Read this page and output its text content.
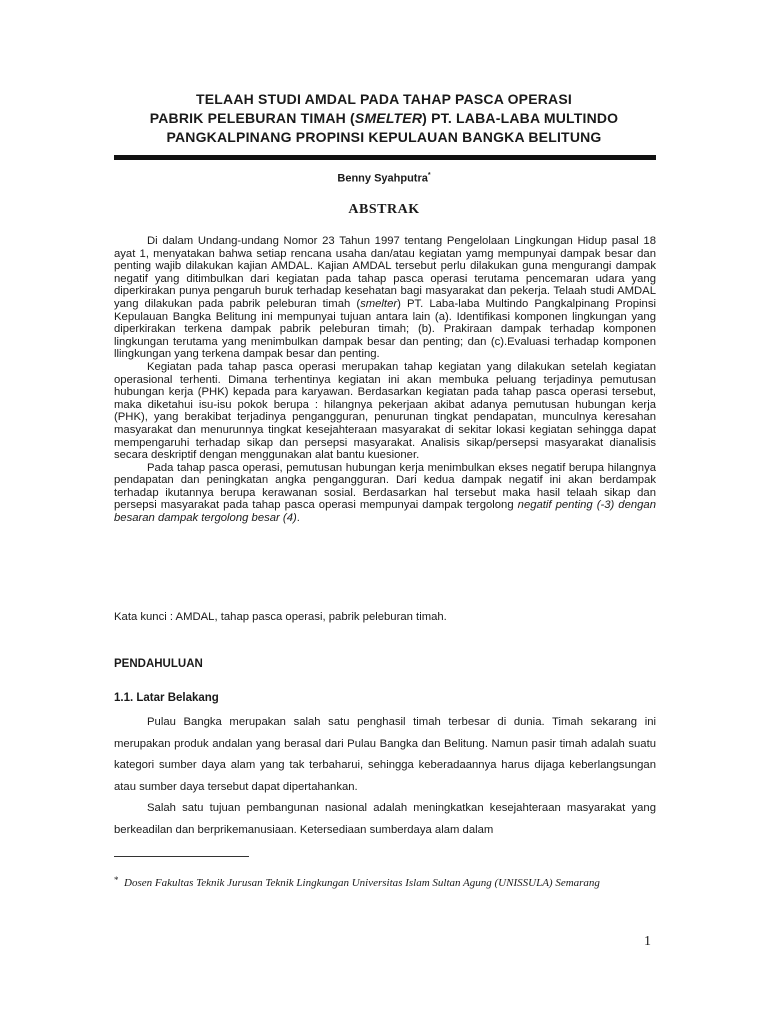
TELAAH STUDI AMDAL PADA TAHAP PASCA OPERASI
PABRIK PELEBURAN TIMAH (SMELTER) PT. LABA-LABA MULTINDO
PANGKALPINANG PROPINSI KEPULAUAN BANGKA BELITUNG
Benny Syahputra*
ABSTRAK

Di dalam Undang-undang Nomor 23 Tahun 1997 tentang Pengelolaan Lingkungan Hidup pasal 18 ayat 1, menyatakan bahwa setiap rencana usaha dan/atau kegiatan yamg mempunyai dampak besar dan penting wajib dilakukan kajian AMDAL. Kajian AMDAL tersebut perlu dilakukan guna mengurangi dampak negatif yang ditimbulkan dari kegiatan pada tahap pasca operasi terutama pencemaran udara yang diperkirakan punya pengaruh buruk terhadap kesehatan bagi masyarakat dan pekerja. Telaah studi AMDAL yang dilakukan pada pabrik peleburan timah (smelter) PT. Laba-laba Multindo Pangkalpinang Propinsi Kepulauan Bangka Belitung ini mempunyai tujuan antara lain (a). Identifikasi komponen lingkungan yang diperkirakan terkena dampak pabrik peleburan timah; (b). Prakiraan dampak terhadap komponen lingkungan terutama yang menimbulkan dampak besar dan penting; dan (c).Evaluasi terhadap komponen llingkungan yang terkena dampak besar dan penting.

Kegiatan pada tahap pasca operasi merupakan tahap kegiatan yang dilakukan setelah kegiatan operasional terhenti. Dimana terhentinya kegiatan ini akan membuka peluang terjadinya pemutusan hubungan kerja (PHK) kepada para karyawan. Berdasarkan kegiatan pada tahap pasca operasi tersebut, maka diketahui isu-isu pokok berupa : hilangnya pekerjaan akibat adanya pemutusan hubungan kerja (PHK), yang berakibat terjadinya pengangguran, penurunan tingkat pendapatan, munculnya keresahan masyarakat dan menurunnya tingkat kesejahteraan masyarakat di sekitar lokasi kegiatan sehingga dapat mempengaruhi terhadap sikap dan persepsi masyarakat. Analisis sikap/persepsi masyarakat dianalisis secara deskriptif dengan menggunakan alat bantu kuesioner.

Pada tahap pasca operasi, pemutusan hubungan kerja menimbulkan ekses negatif berupa hilangnya pendapatan dan peningkatan angka pengangguran. Dari kedua dampak negatif ini akan berdampak terhadap ikutannya berupa kerawanan sosial. Berdasarkan hal tersebut maka hasil telaah sikap dan persepsi masyarakat pada tahap pasca operasi mempunyai dampak tergolong negatif penting (-3) dengan besaran dampak tergolong besar (4).

Kata kunci : AMDAL, tahap pasca operasi, pabrik peleburan timah.
PENDAHULUAN
1.1. Latar Belakang

Pulau Bangka merupakan salah satu penghasil timah terbesar di dunia. Timah sekarang ini merupakan produk andalan yang berasal dari Pulau Bangka dan Belitung. Namun pasir timah adalah suatu kategori sumber daya alam yang tak terbaharui, sehingga keberadaannya harus dijaga keberlangsungan atau sumber daya tersebut dapat dipertahankan.

Salah satu tujuan pembangunan nasional adalah meningkatkan kesejahteraan masyarakat yang berkeadilan dan berprikemanusiaan. Ketersediaan sumberdaya alam dalam

* Dosen Fakultas Teknik Jurusan Teknik Lingkungan Universitas Islam Sultan Agung (UNISSULA) Semarang
1
